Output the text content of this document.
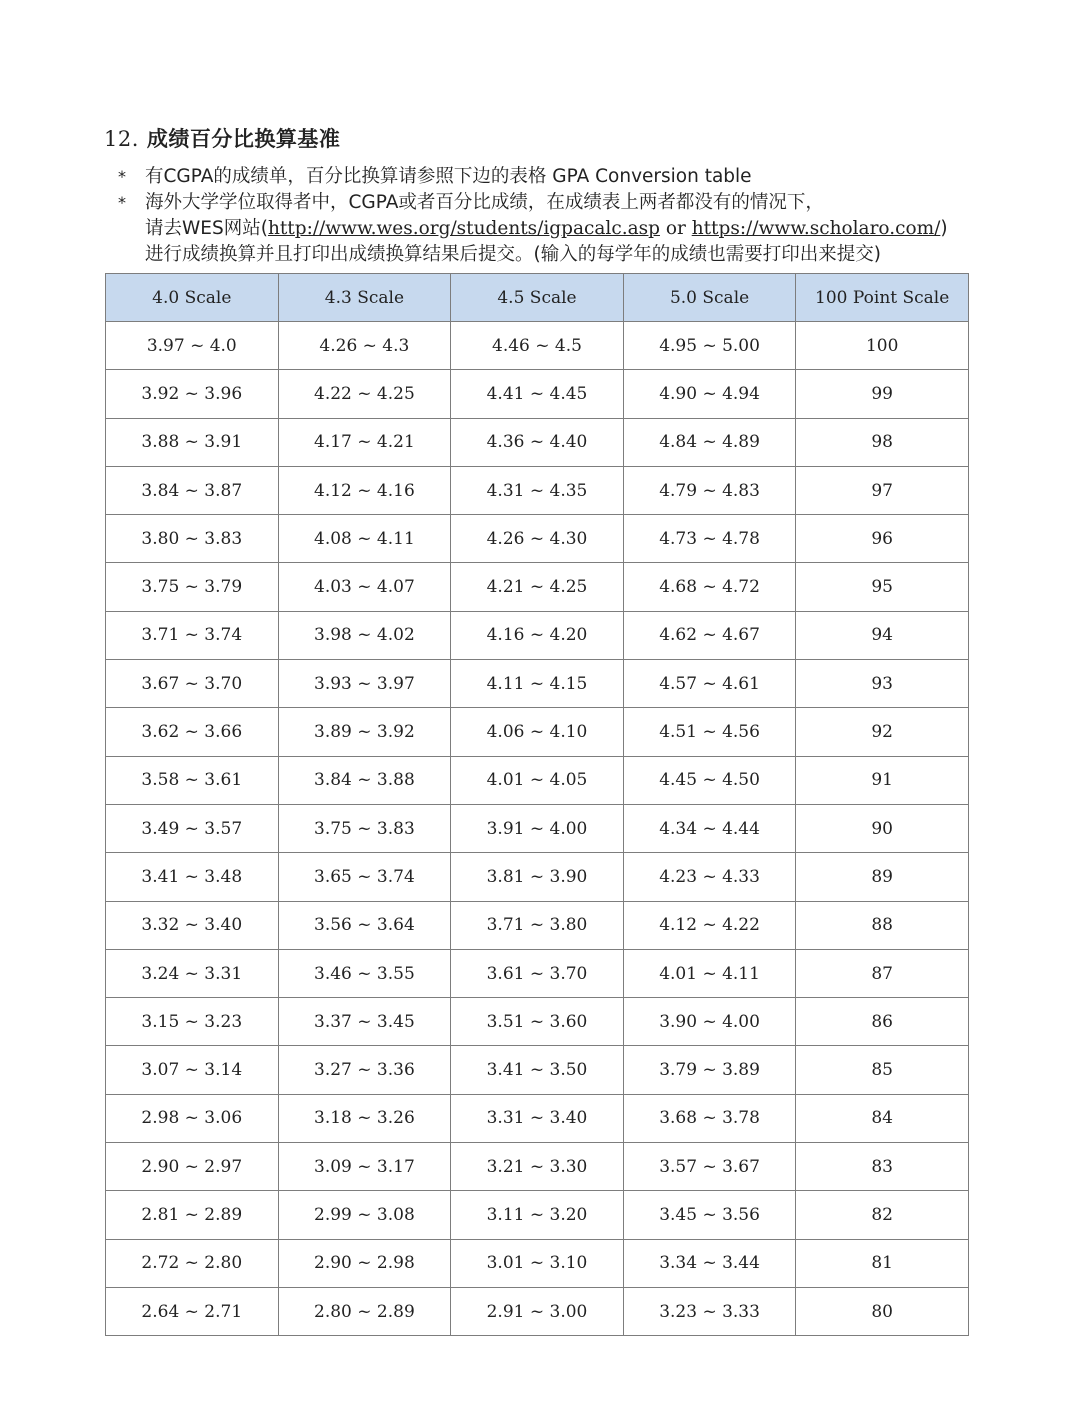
12. 成绩百分比换算基准
*	有CGPA的成绩单，百分比换算请参照下边的表格 GPA Conversion table
*	海外大学学位取得者中，CGPA或者百分比成绩，在成绩表上两者都没有的情况下，
请去WES网站(http://www.wes.org/students/igpacalc.asp or https://www.scholaro.com/)
进行成绩换算并且打印出成绩换算结果后提交。(输入的每学年的成绩也需要打印出来提交)
4.0 Scale	4.3 Scale	4.5 Scale	5.0 Scale	100 Point Scale
3.97 ~ 4.0	4.26 ~ 4.3	4.46 ~ 4.5	4.95 ~ 5.00	100
3.92 ~ 3.96	4.22 ~ 4.25	4.41 ~ 4.45	4.90 ~ 4.94	99
3.88 ~ 3.91	4.17 ~ 4.21	4.36 ~ 4.40	4.84 ~ 4.89	98
3.84 ~ 3.87	4.12 ~ 4.16	4.31 ~ 4.35	4.79 ~ 4.83	97
3.80 ~ 3.83	4.08 ~ 4.11	4.26 ~ 4.30	4.73 ~ 4.78	96
3.75 ~ 3.79	4.03 ~ 4.07	4.21 ~ 4.25	4.68 ~ 4.72	95
3.71 ~ 3.74	3.98 ~ 4.02	4.16 ~ 4.20	4.62 ~ 4.67	94
3.67 ~ 3.70	3.93 ~ 3.97	4.11 ~ 4.15	4.57 ~ 4.61	93
3.62 ~ 3.66	3.89 ~ 3.92	4.06 ~ 4.10	4.51 ~ 4.56	92
3.58 ~ 3.61	3.84 ~ 3.88	4.01 ~ 4.05	4.45 ~ 4.50	91
3.49 ~ 3.57	3.75 ~ 3.83	3.91 ~ 4.00	4.34 ~ 4.44	90
3.41 ~ 3.48	3.65 ~ 3.74	3.81 ~ 3.90	4.23 ~ 4.33	89
3.32 ~ 3.40	3.56 ~ 3.64	3.71 ~ 3.80	4.12 ~ 4.22	88
3.24 ~ 3.31	3.46 ~ 3.55	3.61 ~ 3.70	4.01 ~ 4.11	87
3.15 ~ 3.23	3.37 ~ 3.45	3.51 ~ 3.60	3.90 ~ 4.00	86
3.07 ~ 3.14	3.27 ~ 3.36	3.41 ~ 3.50	3.79 ~ 3.89	85
2.98 ~ 3.06	3.18 ~ 3.26	3.31 ~ 3.40	3.68 ~ 3.78	84
2.90 ~ 2.97	3.09 ~ 3.17	3.21 ~ 3.30	3.57 ~ 3.67	83
2.81 ~ 2.89	2.99 ~ 3.08	3.11 ~ 3.20	3.45 ~ 3.56	82
2.72 ~ 2.80	2.90 ~ 2.98	3.01 ~ 3.10	3.34 ~ 3.44	81
2.64 ~ 2.71	2.80 ~ 2.89	2.91 ~ 3.00	3.23 ~ 3.33	80
